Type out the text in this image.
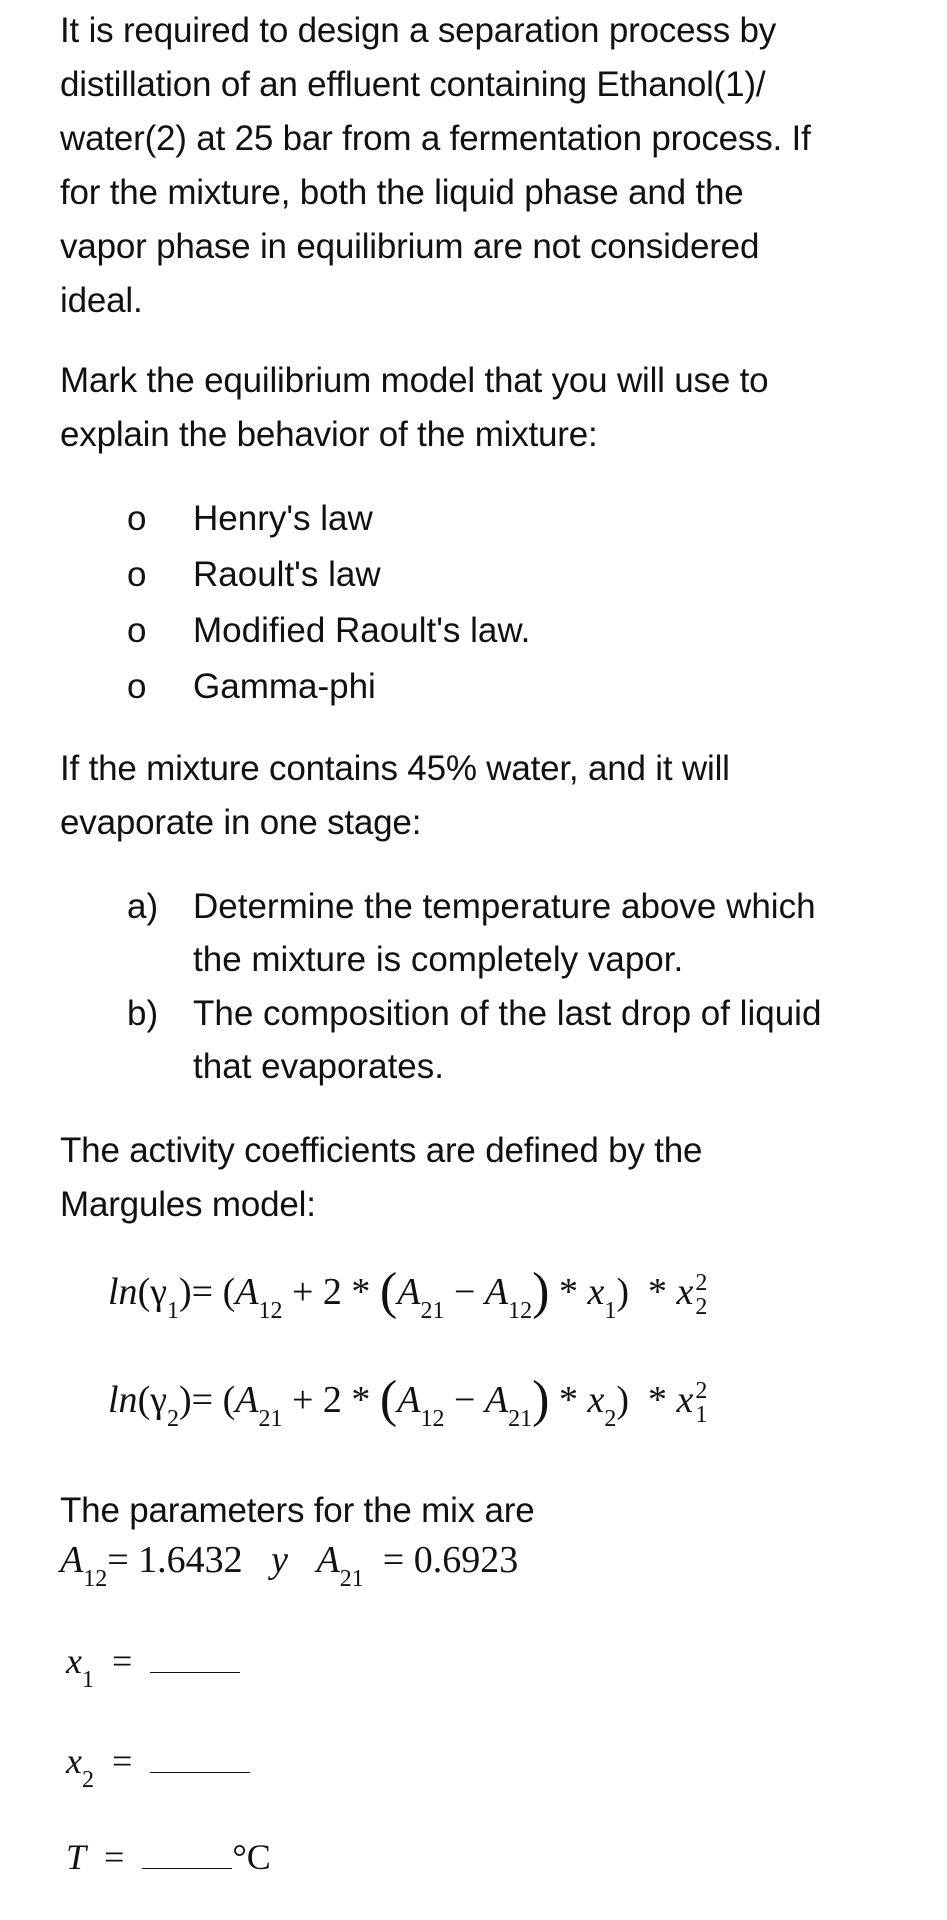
It is required to design a separation process by
distillation of an effluent containing Ethanol(1)/
water(2) at 25 bar from a fermentation process. If
for the mixture, both the liquid phase and the
vapor phase in equilibrium are not considered
ideal.
Mark the equilibrium model that you will use to
explain the behavior of the mixture:
o Henry's law
o Raoult's law
o Modified Raoult's law.
o Gamma-phi
If the mixture contains 45% water, and it will
evaporate in one stage:
a) Determine the temperature above which
the mixture is completely vapor.
b) The composition of the last drop of liquid
that evaporates.
The activity coefficients are defined by the
Margules model:
ln(γ1)= (A12 + 2 * (A21 − A12) * x1)  * x 2
2
ln(γ2)= (A21 + 2 * (A12 − A21) * x2)  * x 2
1
The parameters for the mix are
$A_{12}= 1.6432$ y $A_{21} = 0.6923$
$x_1$  =
$x_2$  =
T  =	°C
